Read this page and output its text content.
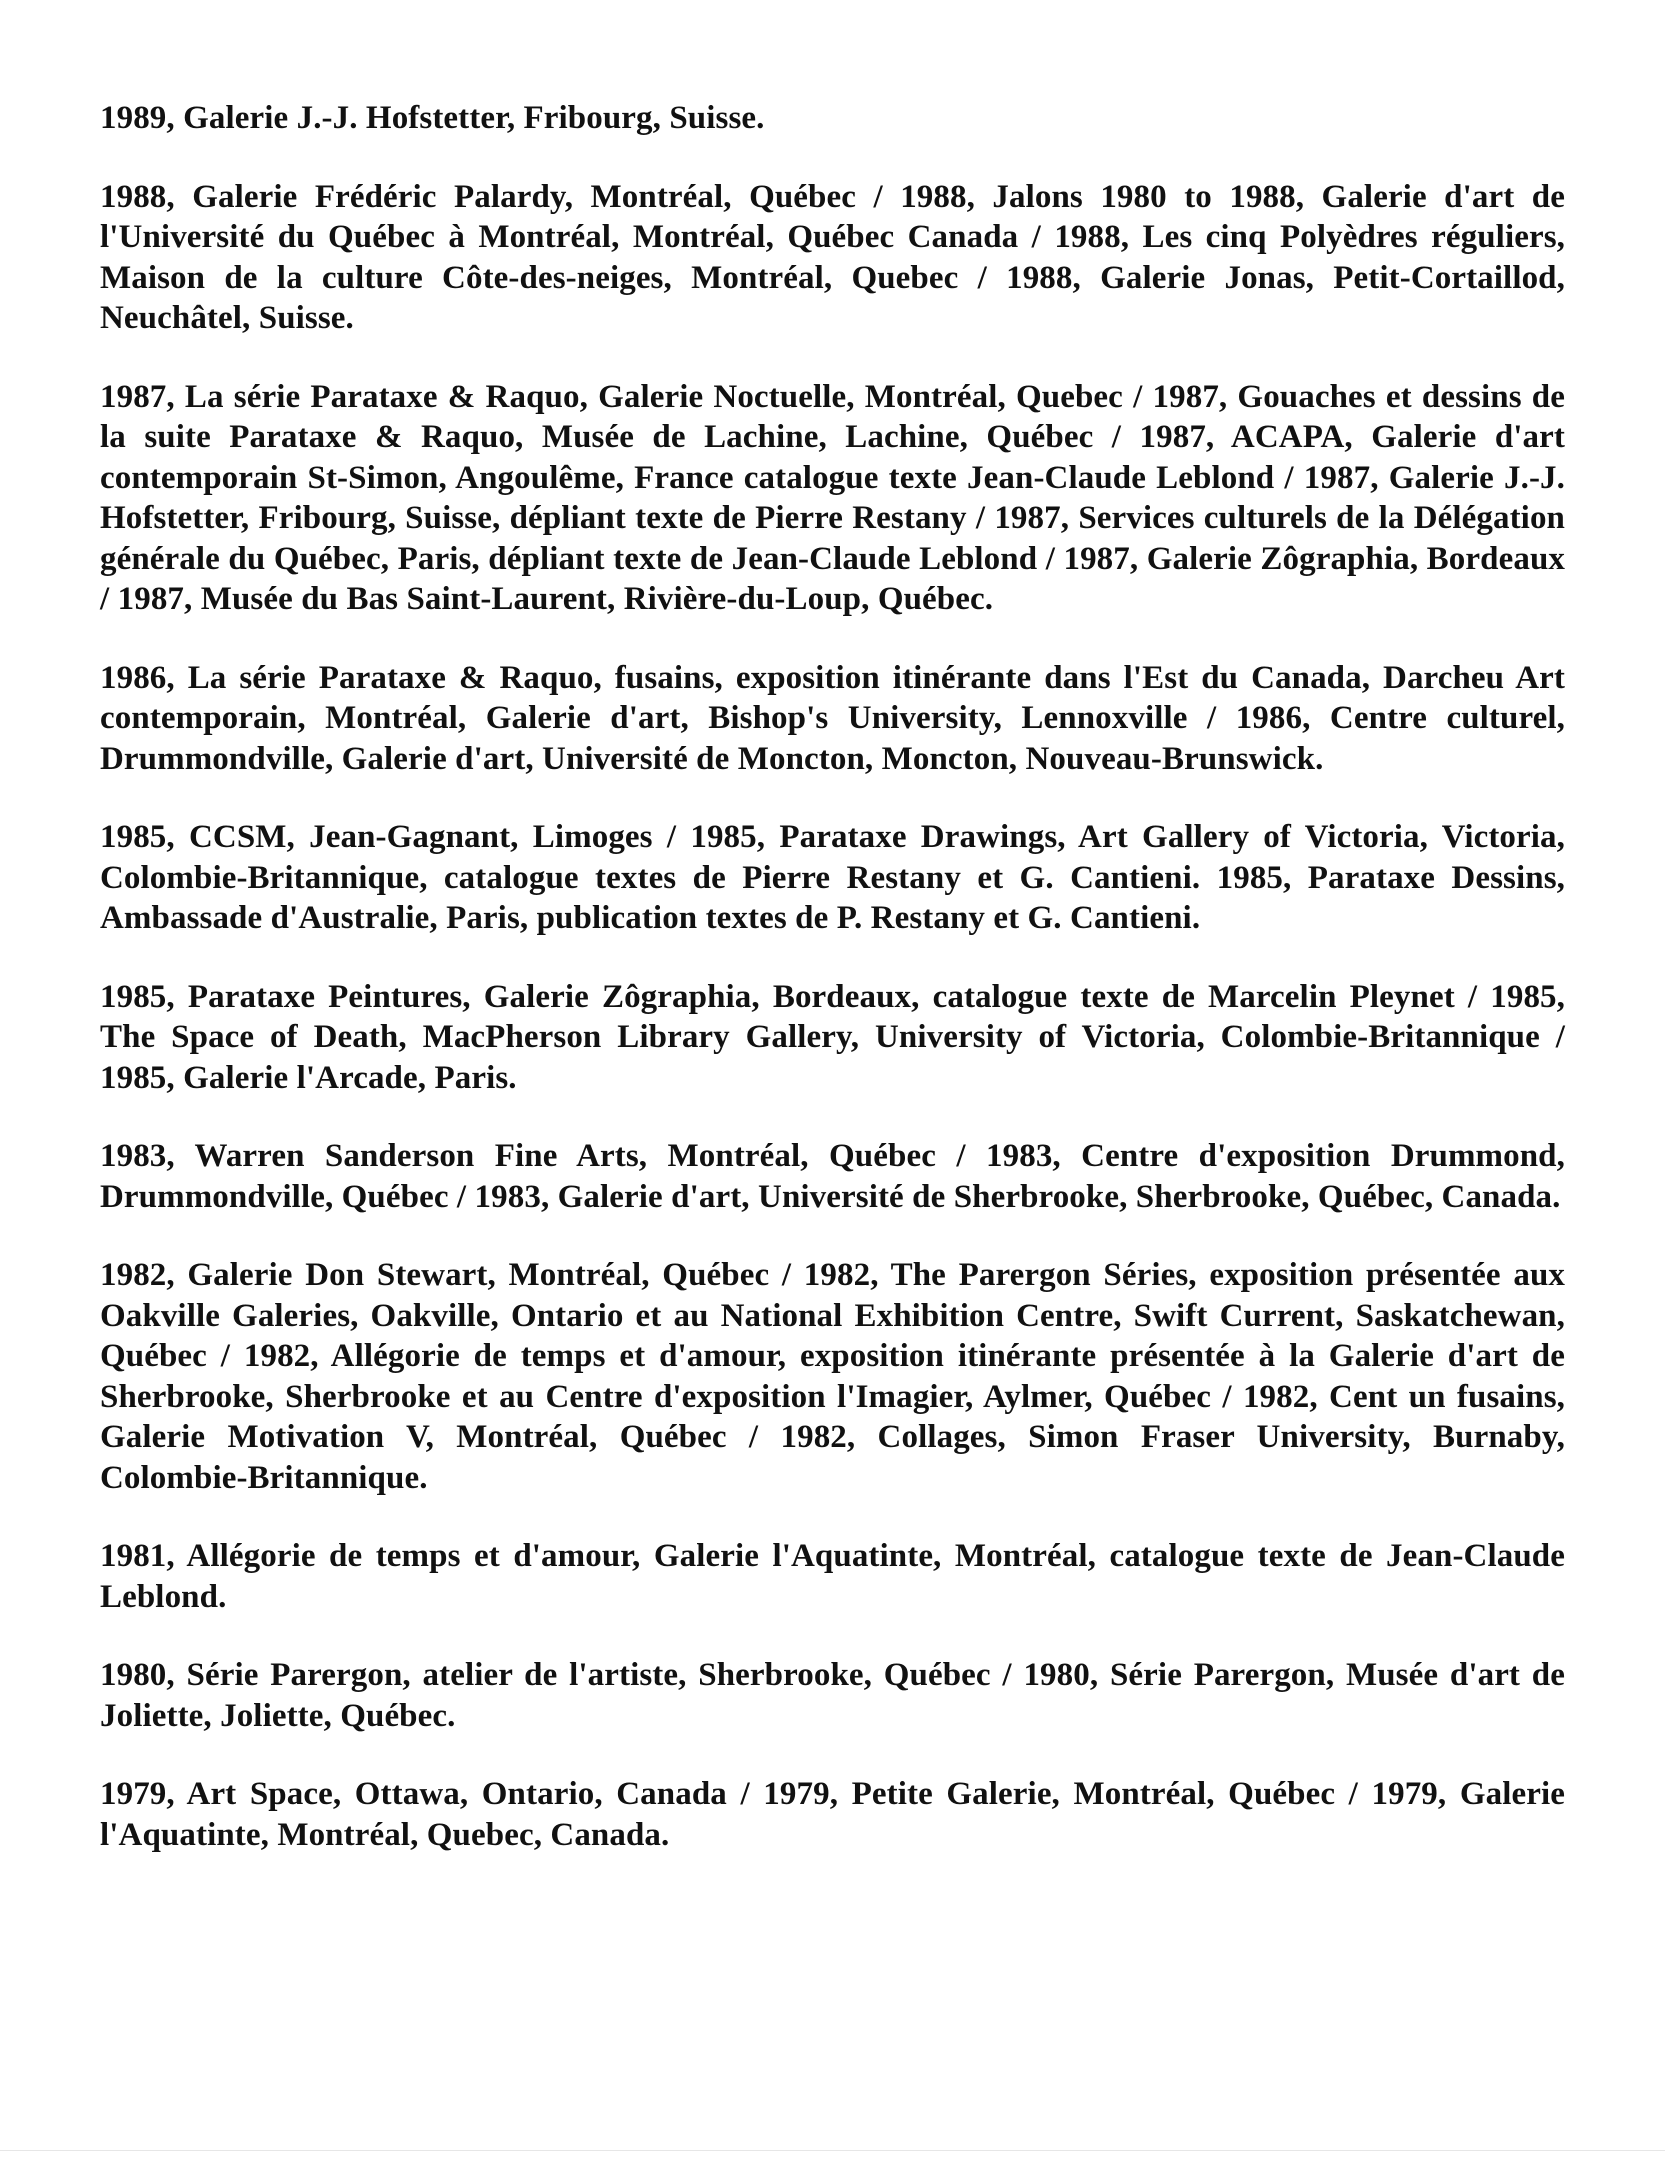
1989, Galerie J.-J. Hofstetter, Fribourg, Suisse.

1988, Galerie Frédéric Palardy, Montréal, Québec / 1988, Jalons 1980 to 1988, Galerie d'art de l'Université du Québec à Montréal, Montréal, Québec Canada / 1988, Les cinq Polyèdres réguliers, Maison de la culture Côte-des-neiges, Montréal, Quebec / 1988, Galerie Jonas, Petit-Cortaillod, Neuchâtel, Suisse.

1987, La série Parataxe & Raquo, Galerie Noctuelle, Montréal, Quebec / 1987, Gouaches et dessins de la suite Parataxe & Raquo, Musée de Lachine, Lachine, Québec / 1987, ACAPA, Galerie d'art contemporain St-Simon, Angoulême, France catalogue texte Jean-Claude Leblond / 1987, Galerie J.-J. Hofstetter, Fribourg, Suisse, dépliant texte de Pierre Restany / 1987, Services culturels de la Délégation générale du Québec, Paris, dépliant texte de Jean-Claude Leblond / 1987, Galerie Zôgraphia, Bordeaux / 1987, Musée du Bas Saint-Laurent, Rivière-du-Loup, Québec.

1986, La série Parataxe & Raquo, fusains, exposition itinérante dans l'Est du Canada, Darcheu Art contemporain, Montréal, Galerie d'art, Bishop's University, Lennoxville / 1986, Centre culturel, Drummondville, Galerie d'art, Université de Moncton, Moncton, Nouveau-Brunswick.

1985, CCSM, Jean-Gagnant, Limoges / 1985, Parataxe Drawings, Art Gallery of Victoria, Victoria, Colombie-Britannique, catalogue textes de Pierre Restany et G. Cantieni. 1985, Parataxe Dessins, Ambassade d'Australie, Paris, publication textes de P. Restany et G. Cantieni.

1985, Parataxe Peintures, Galerie Zôgraphia, Bordeaux, catalogue texte de Marcelin Pleynet / 1985, The Space of Death, MacPherson Library Gallery, University of Victoria, Colombie-Britannique / 1985, Galerie l'Arcade, Paris.

1983, Warren Sanderson Fine Arts, Montréal, Québec / 1983, Centre d'exposition Drummond, Drummondville, Québec / 1983, Galerie d'art, Université de Sherbrooke, Sherbrooke, Québec, Canada.

1982, Galerie Don Stewart, Montréal, Québec / 1982, The Parergon Séries, exposition présentée aux Oakville Galeries, Oakville, Ontario et au National Exhibition Centre, Swift Current, Saskatchewan, Québec / 1982, Allégorie de temps et d'amour, exposition itinérante présentée à la Galerie d'art de Sherbrooke, Sherbrooke et au Centre d'exposition l'Imagier, Aylmer, Québec / 1982, Cent un fusains, Galerie Motivation V, Montréal, Québec / 1982, Collages, Simon Fraser University, Burnaby, Colombie-Britannique.

1981, Allégorie de temps et d'amour, Galerie l'Aquatinte, Montréal, catalogue texte de Jean-Claude Leblond.

1980, Série Parergon, atelier de l'artiste, Sherbrooke, Québec / 1980, Série Parergon, Musée d'art de Joliette, Joliette, Québec.

1979, Art Space, Ottawa, Ontario, Canada / 1979, Petite Galerie, Montréal, Québec / 1979, Galerie l'Aquatinte, Montréal, Quebec, Canada.
